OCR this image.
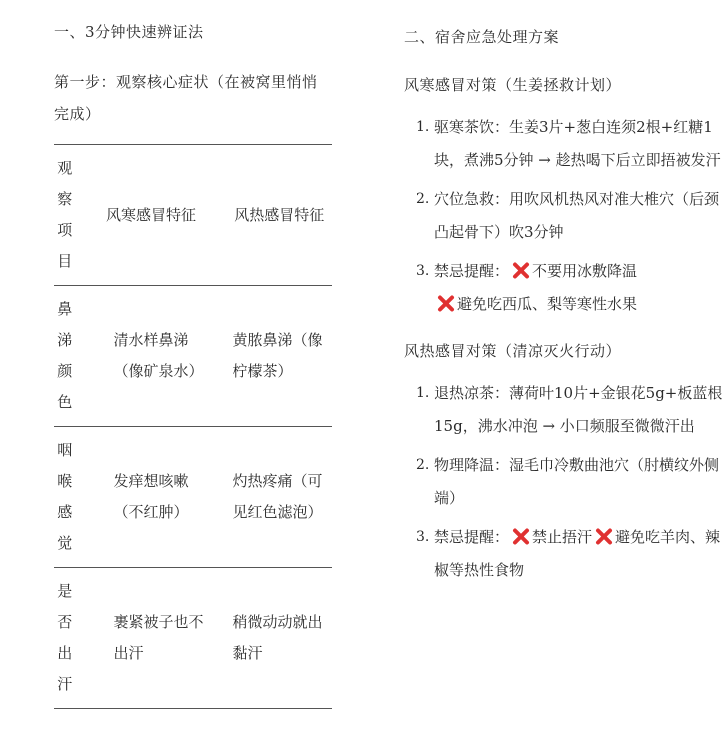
一、3分钟快速辨证法
第一步：观察核心症状（在被窝里悄悄完成）
观察项目	风寒感冒特征	风热感冒特征

鼻涕颜色	清水样鼻涕（像矿泉水）	黄脓鼻涕（像柠檬茶）

咽喉感觉	发痒想咳嗽（不红肿）	灼热疼痛（可见红色滤泡）

是否出汗	裹紧被子也不出汗	稍微动动就出黏汗
二、宿舍应急处理方案
风寒感冒对策（生姜拯救计划）
1. 驱寒茶饮：生姜3片+葱白连须2根+红糖1块，煮沸5分钟 → 趁热喝下后立即捂被发汗
2. 穴位急救：用吹风机热风对准大椎穴（后颈凸起骨下）吹3分钟
3. 禁忌提醒： 不要用冰敷降温
避免吃西瓜、梨等寒性水果
风热感冒对策（清凉灭火行动）
1. 退热凉茶：薄荷叶10片+金银花5g+板蓝根15g，沸水冲泡 → 小口频服至微微汗出
2. 物理降温：湿毛巾冷敷曲池穴（肘横纹外侧端）
3. 禁忌提醒： 禁止捂汗 避免吃羊肉、辣椒等热性食物
